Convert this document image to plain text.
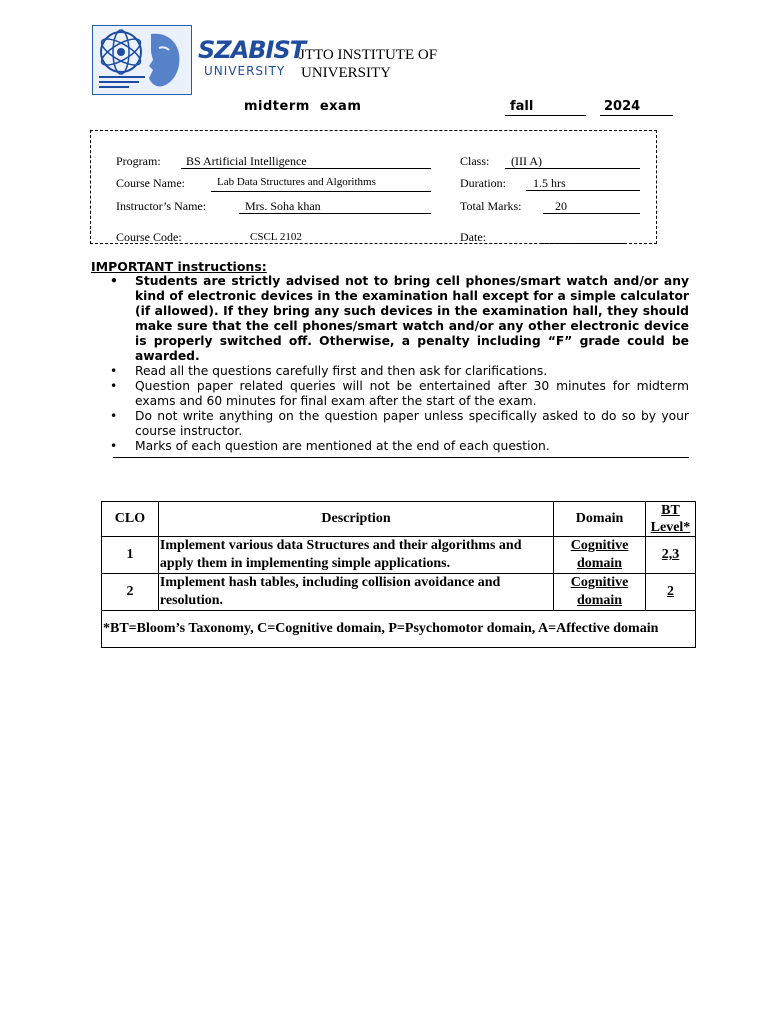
SZABIST
UNIVERSITY
JTTO INSTITUTE OF
UNIVERSITY
midterm  exam	fall	2024
Program:	BS Artificial Intelligence	Class:	(III A)
Course Name:	Lab Data Structures and Algorithms	Duration:	1.5 hrs
Instructor’s Name:	Mrs. Soha khan	Total Marks:	20
Course Code:	CSCL 2102	Date:
IMPORTANT instructions:
• Students are strictly advised not to bring cell phones/smart watch and/or any kind of electronic devices in the examination hall except for a simple calculator (if allowed). If they bring any such devices in the examination hall, they should make sure that the cell phones/smart watch and/or any other electronic device is properly switched off. Otherwise, a penalty including “F” grade could be awarded.
• Read all the questions carefully first and then ask for clarifications.
• Question paper related queries will not be entertained after 30 minutes for midterm exams and 60 minutes for final exam after the start of the exam.
• Do not write anything on the question paper unless specifically asked to do so by your course instructor.
• Marks of each question are mentioned at the end of each question.
CLO	Description	Domain	BT Level*
1	Implement various data Structures and their algorithms and apply them in implementing simple applications.	Cognitive domain	2,3
2	Implement hash tables, including collision avoidance and resolution.	Cognitive domain	2
*BT=Bloom’s Taxonomy, C=Cognitive domain, P=Psychomotor domain, A=Affective domain			
